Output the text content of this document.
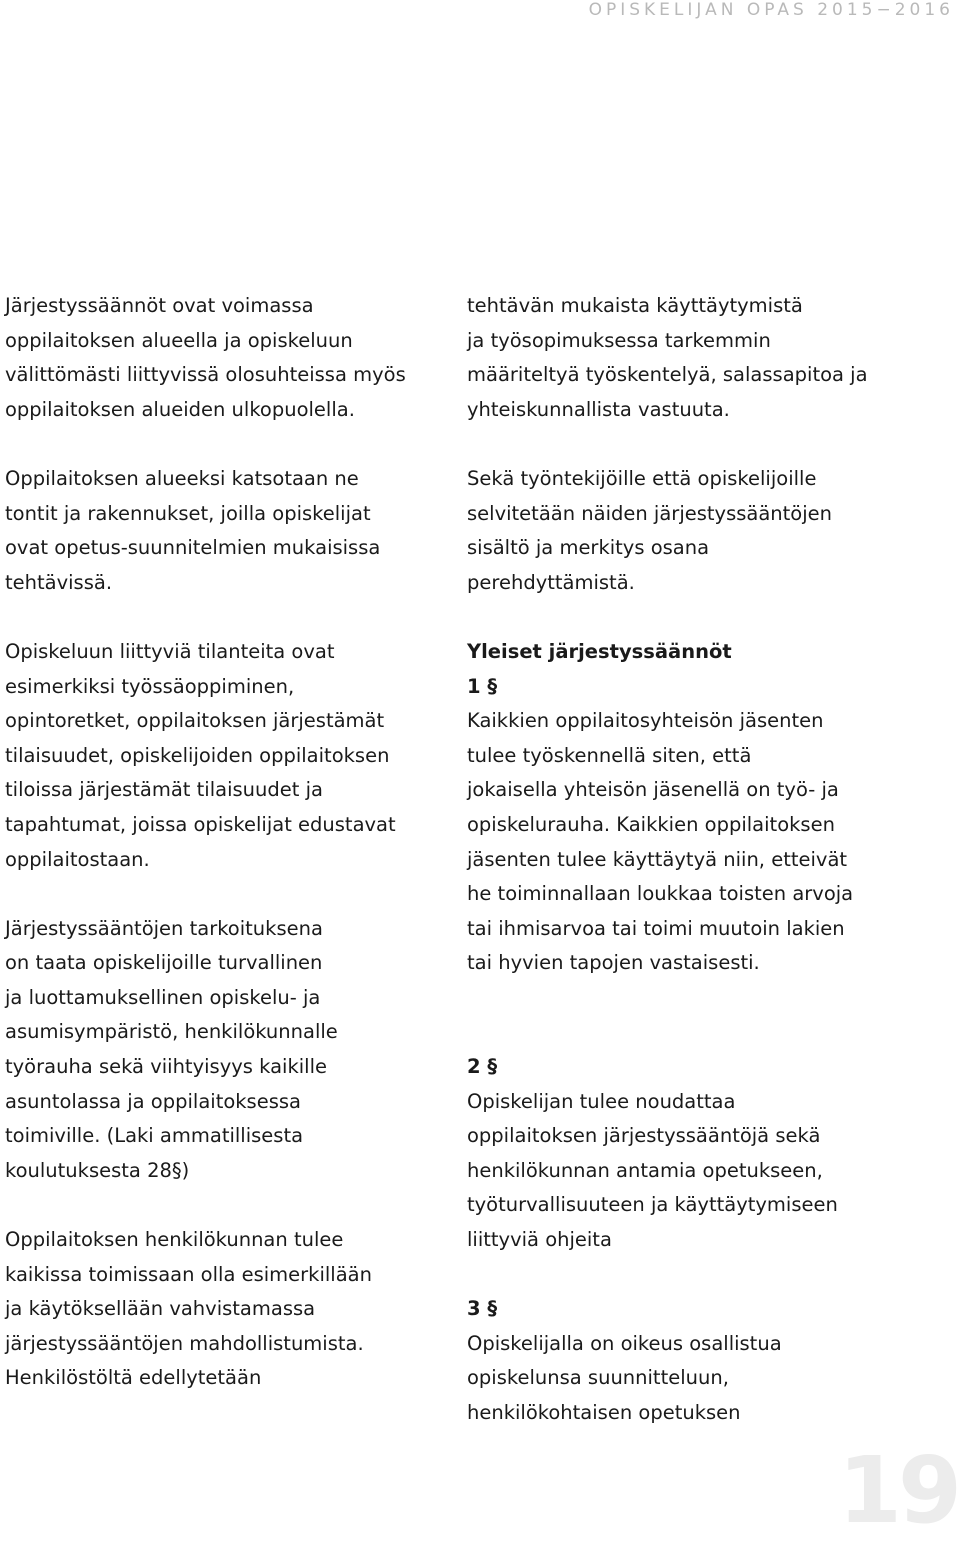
OPISKELIJAN OPAS 2015−2016

Järjestyssäännöt ovat voimassa
oppilaitoksen alueella ja opiskeluun
välittömästi liittyvissä olosuhteissa myös
oppilaitoksen alueiden ulkopuolella.

Oppilaitoksen alueeksi katsotaan ne
tontit ja rakennukset, joilla opiskelijat
ovat opetus-suunnitelmien mukaisissa
tehtävissä.

Opiskeluun liittyviä tilanteita ovat
esimerkiksi työssäoppiminen,
opintoretket, oppilaitoksen järjestämät
tilaisuudet, opiskelijoiden oppilaitoksen
tiloissa järjestämät tilaisuudet ja
tapahtumat, joissa opiskelijat edustavat
oppilaitostaan.

Järjestyssääntöjen tarkoituksena
on taata opiskelijoille turvallinen
ja luottamuksellinen opiskelu- ja
asumisympäristö, henkilökunnalle
työrauha sekä viihtyisyys kaikille
asuntolassa ja oppilaitoksessa
toimiville. (Laki ammatillisesta
koulutuksesta 28§)

Oppilaitoksen henkilökunnan tulee
kaikissa toimissaan olla esimerkillään
ja käytöksellään vahvistamassa
järjestyssääntöjen mahdollistumista.
Henkilöstöltä edellytetään

tehtävän mukaista käyttäytymistä
ja työsopimuksessa tarkemmin
määriteltyä työskentelyä, salassapitoa ja
yhteiskunnallista vastuuta.

Sekä työntekijöille että opiskelijoille
selvitetään näiden järjestyssääntöjen
sisältö ja merkitys osana
perehdyttämistä.

Yleiset järjestyssäännöt
1 §
Kaikkien oppilaitosyhteisön jäsenten
tulee työskennellä siten, että
jokaisella yhteisön jäsenellä on työ- ja
opiskelurauha. Kaikkien oppilaitoksen
jäsenten tulee käyttäytyä niin, etteivät
he toiminnallaan loukkaa toisten arvoja
tai ihmisarvoa tai toimi muutoin lakien
tai hyvien tapojen vastaisesti.
2 §
Opiskelijan tulee noudattaa
oppilaitoksen järjestyssääntöjä sekä
henkilökunnan antamia opetukseen,
työturvallisuuteen ja käyttäytymiseen
liittyviä ohjeita
3 §
Opiskelijalla on oikeus osallistua
opiskelunsa suunnitteluun,
henkilökohtaisen opetuksen
19
